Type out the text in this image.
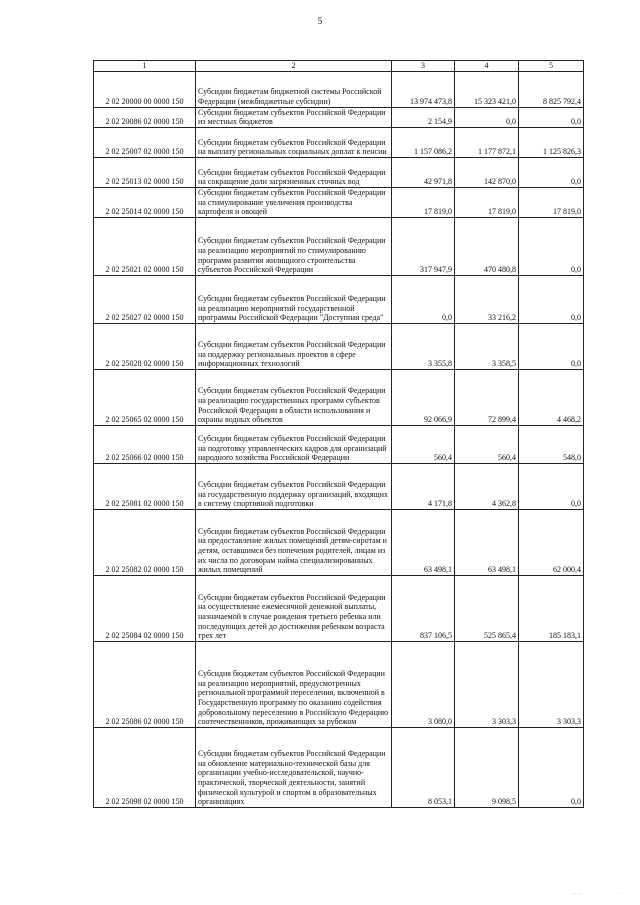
5
1	2	3	4	5
2 02 20000 00 0000 150	Субсидии бюджетам бюджетной системы Российской Федерации (межбюджетные субсидии)	13 974 473,8	15 323 421,0	8 825 792,4
2 02 20086 02 0000 150	Субсидии бюджетам субъектов Российской Федерации из местных бюджетов	2 154,9	0,0	0,0
2 02 25007 02 0000 150	Субсидии бюджетам субъектов Российской Федерации на выплату региональных социальных доплат к пенсии	1 157 086,2	1 177 872,1	1 125 826,3
2 02 25013 02 0000 150	Субсидии бюджетам субъектов Российской Федерации на сокращение доли загрязненных сточных вод	42 971,8	142 870,0	0,0
2 02 25014 02 0000 150	Субсидии бюджетам субъектов Российской Федерации на стимулирование увеличения производства картофеля и овощей	17 819,0	17 819,0	17 819,0
2 02 25021 02 0000 150	Субсидии бюджетам субъектов Российской Федерации на реализацию мероприятий по стимулированию программ развития жилищного строительства субъектов Российской Федерации	317 947,9	470 480,8	0,0
2 02 25027 02 0000 150	Субсидии бюджетам субъектов Российской Федерации на реализацию мероприятий государственной программы Российской Федерации "Доступная среда"	0,0	33 216,2	0,0
2 02 25028 02 0000 150	Субсидии бюджетам субъектов Российской Федерации на поддержку региональных проектов в сфере информационных технологий	3 355,8	3 358,5	0,0
2 02 25065 02 0000 150	Субсидии бюджетам субъектов Российской Федерации на реализацию государственных программ субъектов Российской Федерации в области использования и охраны водных объектов	92 066,9	72 899,4	4 468,2
2 02 25066 02 0000 150	Субсидии бюджетам субъектов Российской Федерации на подготовку управленческих кадров для организаций народного хозяйства Российской Федерации	560,4	560,4	548,0
2 02 25081 02 0000 150	Субсидии бюджетам субъектов Российской Федерации на государственную поддержку организаций, входящих в систему спортивной подготовки	4 171,8	4 362,8	0,0
2 02 25082 02 0000 150	Субсидии бюджетам субъектов Российской Федерации на предоставление жилых помещений детям-сиротам и детям, оставшимся без попечения родителей, лицам из их числа по договорам найма специализированных жилых помещений	63 498,1	63 498,1	62 000,4
2 02 25084 02 0000 150	Субсидии бюджетам субъектов Российской Федерации на осуществление ежемесячной денежной выплаты, назначаемой в случае рождения третьего ребенка или последующих детей до достижения ребенком возраста трех лет	837 106,5	525 865,4	185 183,1
2 02 25086 02 0000 150	Субсидия бюджетам субъектов Российской Федерации на реализацию мероприятий, предусмотренных региональной программой переселения, включенной в Государственную программу по оказанию содействия добровольному переселению в Российскую Федерацию соотечественников, проживающих за рубежом	3 080,0	3 303,3	3 303,3
2 02 25098 02 0000 150	Субсидии бюджетам субъектов Российской Федерации на обновление материально-технической базы для организации учебно-исследовательской, научно-практической, творческой деятельности, занятий физической культурой и спортом в образовательных организациях	8 053,1	9 098,5	0,0
· · · ·	·
